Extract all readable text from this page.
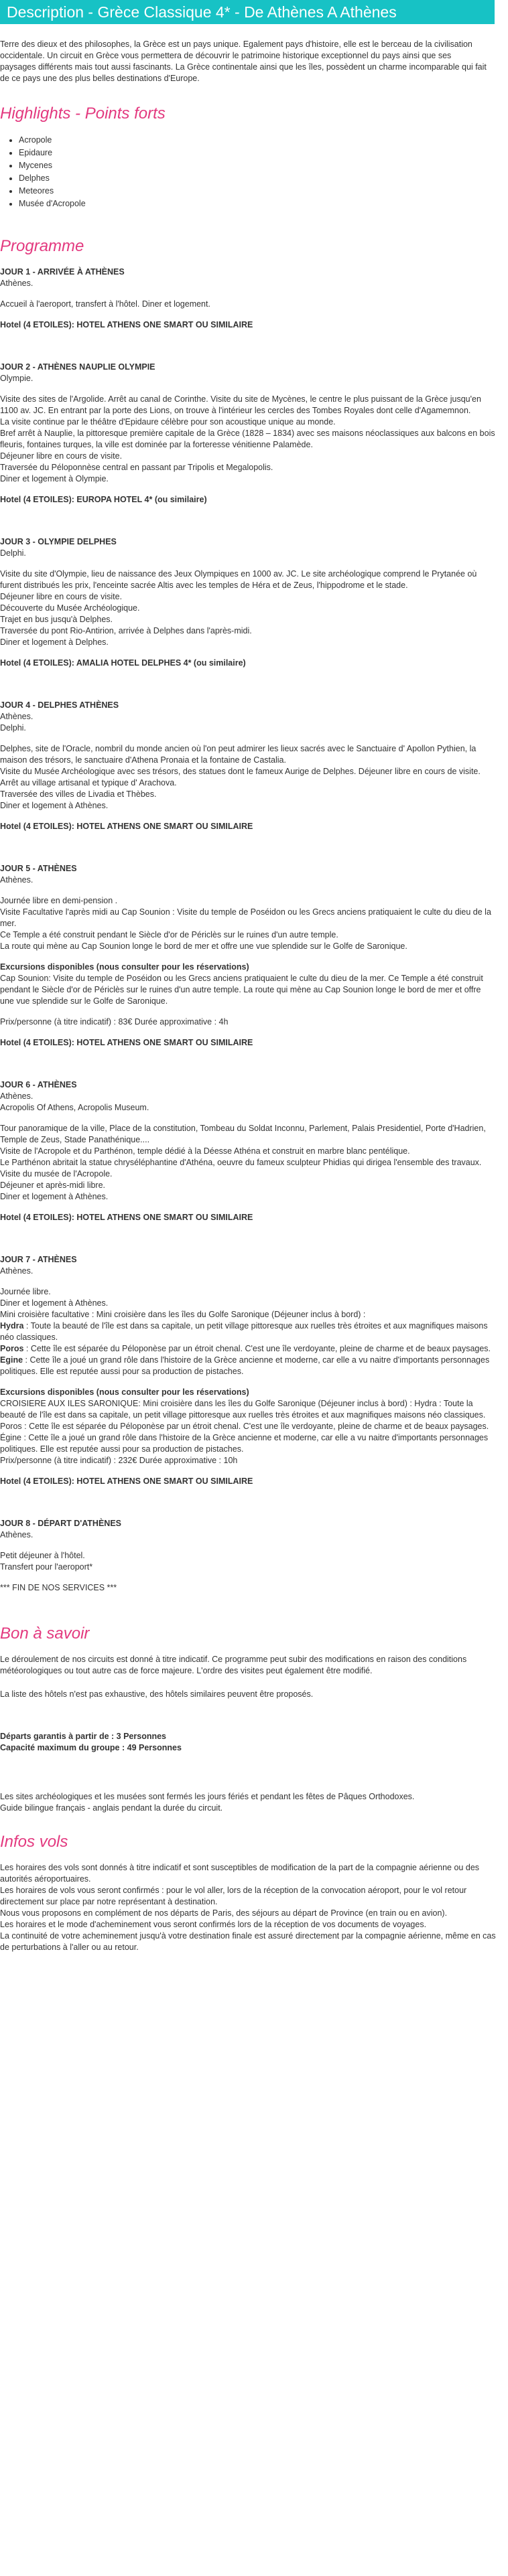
Description - Grèce Classique 4* - De Athènes A Athènes
Terre des dieux et des philosophes, la Grèce est un pays unique. Egalement pays d'histoire, elle est le berceau de la civilisation occidentale. Un circuit en Grèce vous permettera de découvrir le patrimoine historique exceptionnel du pays ainsi que ses paysages différents mais tout aussi fascinants. La Grèce continentale ainsi que les îles, possèdent un charme incomparable qui fait de ce pays une des plus belles destinations d'Europe.
Highlights - Points forts
• Acropole
• Epidaure
• Mycenes
• Delphes
• Meteores
• Musée d'Acropole
Programme
JOUR 1 - ARRIVÉE À ATHÈNES
Athènes.
Accueil à l'aeroport, transfert à l'hôtel. Diner et logement.
Hotel (4 ETOILES): HOTEL ATHENS ONE SMART OU SIMILAIRE
JOUR 2 - ATHÈNES NAUPLIE OLYMPIE
Olympie.
Visite des sites de l'Argolide. Arrêt au canal de Corinthe. Visite du site de Mycènes, le centre le plus puissant de la Grèce jusqu'en 1100 av. JC. En entrant par la porte des Lions, on trouve à l'intérieur les cercles des Tombes Royales dont celle d'Agamemnon.
La visite continue par le théâtre d'Epidaure célèbre pour son acoustique unique au monde.
Bref arrêt à Nauplie, la pittoresque première capitale de la Grèce (1828 – 1834) avec ses maisons néoclassiques aux balcons en bois fleuris, fontaines turques, la ville est dominée par la forteresse vénitienne Palamède.
Déjeuner libre en cours de visite.
Traversée du Péloponnèse central en passant par Tripolis et Megalopolis.
Diner et logement à Olympie.
Hotel (4 ETOILES): EUROPA HOTEL 4* (ou similaire)
JOUR 3 - OLYMPIE DELPHES
Delphi.
Visite du site d'Olympie, lieu de naissance des Jeux Olympiques en 1000 av. JC. Le site archéologique comprend le Prytanée où furent distribués les prix, l'enceinte sacrée Altis avec les temples de Héra et de Zeus, l'hippodrome et le stade.
Déjeuner libre en cours de visite.
Découverte du Musée Archéologique.
Trajet en bus jusqu'à Delphes.
Traversée du pont Rio-Antirion, arrivée à Delphes dans l'après-midi.
Diner et logement à Delphes.
Hotel (4 ETOILES): AMALIA HOTEL DELPHES 4* (ou similaire)
JOUR 4 - DELPHES ATHÈNES
Athènes.
Delphi.
Delphes, site de l'Oracle, nombril du monde ancien où l'on peut admirer les lieux sacrés avec le Sanctuaire d' Apollon Pythien, la maison des trésors, le sanctuaire d'Athena Pronaia et la fontaine de Castalia.
Visite du Musée Archéologique avec ses trésors, des statues dont le fameux Aurige de Delphes. Déjeuner libre en cours de visite.
Arrêt au village artisanal et typique d' Arachova.
Traversée des villes de Livadia et Thèbes.
Diner et logement à Athènes.
Hotel (4 ETOILES): HOTEL ATHENS ONE SMART OU SIMILAIRE
JOUR 5 - ATHÈNES
Athènes.
Journée libre en demi-pension .
Visite Facultative l'après midi au Cap Sounion : Visite du temple de Poséidon ou les Grecs anciens pratiquaient le culte du dieu de la mer.
Ce Temple a été construit pendant le Siècle d'or de Périclès sur le ruines d'un autre temple.
La route qui mène au Cap Sounion longe le bord de mer et offre une vue splendide sur le Golfe de Saronique.
Excursions disponibles (nous consulter pour les réservations)
Cap Sounion: Visite du temple de Poséidon ou les Grecs anciens pratiquaient le culte du dieu de la mer. Ce Temple a été construit pendant le Siècle d'or de Périclès sur le ruines d'un autre temple. La route qui mène au Cap Sounion longe le bord de mer et offre une vue splendide sur le Golfe de Saronique.
Prix/personne (à titre indicatif) : 83€ Durée approximative : 4h
Hotel (4 ETOILES): HOTEL ATHENS ONE SMART OU SIMILAIRE
JOUR 6 - ATHÈNES
Athènes.
Acropolis Of Athens, Acropolis Museum.
Tour panoramique de la ville, Place de la constitution, Tombeau du Soldat Inconnu, Parlement, Palais Presidentiel, Porte d'Hadrien, Temple de Zeus, Stade Panathénique....
Visite de l'Acropole et du Parthénon, temple dédié à la Déesse Athéna et construit en marbre blanc pentélique.
Le Parthénon abritait la statue chryséléphantine d'Athéna, oeuvre du fameux sculpteur Phidias qui dirigea l'ensemble des travaux.
Visite du musée de l'Acropole.
Déjeuner et après-midi libre.
Diner et logement à Athènes.
Hotel (4 ETOILES): HOTEL ATHENS ONE SMART OU SIMILAIRE
JOUR 7 - ATHÈNES
Athènes.
Journée libre.
Diner et logement à Athènes.
Mini croisière facultative : Mini croisière dans les îles du Golfe Saronique (Déjeuner inclus à bord) :
Hydra : Toute la beauté de l'île est dans sa capitale, un petit village pittoresque aux ruelles très étroites et aux magnifiques maisons néo classiques.
Poros : Cette île est séparée du Péloponèse par un étroit chenal. C'est une île verdoyante, pleine de charme et de beaux paysages.
Egine : Cette île a joué un grand rôle dans l'histoire de la Grèce ancienne et moderne, car elle a vu naitre d'importants personnages politiques. Elle est reputée aussi pour sa production de pistaches.
Excursions disponibles (nous consulter pour les réservations)
CROISIERE AUX ILES SARONIQUE: Mini croisière dans les îles du Golfe Saronique (Déjeuner inclus à bord) : Hydra : Toute la beauté de l'île est dans sa capitale, un petit village pittoresque aux ruelles très étroites et aux magnifiques maisons néo classiques. Poros : Cette île est séparée du Péloponèse par un étroit chenal. C'est une île verdoyante, pleine de charme et de beaux paysages. Égine : Cette île a joué un grand rôle dans l'histoire de la Grèce ancienne et moderne, car elle a vu naitre d'importants personnages politiques. Elle est reputée aussi pour sa production de pistaches.
Prix/personne (à titre indicatif) : 232€ Durée approximative : 10h
Hotel (4 ETOILES): HOTEL ATHENS ONE SMART OU SIMILAIRE
JOUR 8 - DÉPART D'ATHÈNES
Athènes.
Petit déjeuner à l'hôtel.
Transfert pour l'aeroport*
*** FIN DE NOS SERVICES ***
Bon à savoir

Le déroulement de nos circuits est donné à titre indicatif. Ce programme peut subir des modifications en raison des conditions météorologiques ou tout autre cas de force majeure. L'ordre des visites peut également être modifié.

La liste des hôtels n'est pas exhaustive, des hôtels similaires peuvent être proposés.

Départs garantis à partir de : 3 Personnes
Capacité maximum du groupe : 49 Personnes
Les sites archéologiques et les musées sont fermés les jours fériés et pendant les fêtes de Pâques Orthodoxes.
Guide bilingue français - anglais pendant la durée du circuit.
Infos vols
Les horaires des vols sont donnés à titre indicatif et sont susceptibles de modification de la part de la compagnie aérienne ou des autorités aéroportuaires.
Les horaires de vols vous seront confirmés : pour le vol aller, lors de la réception de la convocation aéroport, pour le vol retour directement sur place par notre représentant à destination.
Nous vous proposons en complément de nos départs de Paris, des séjours au départ de Province (en train ou en avion).
Les horaires et le mode d'acheminement vous seront confirmés lors de la réception de vos documents de voyages.
La continuité de votre acheminement jusqu'à votre destination finale est assuré directement par la compagnie aérienne, même en cas de perturbations à l'aller ou au retour.
